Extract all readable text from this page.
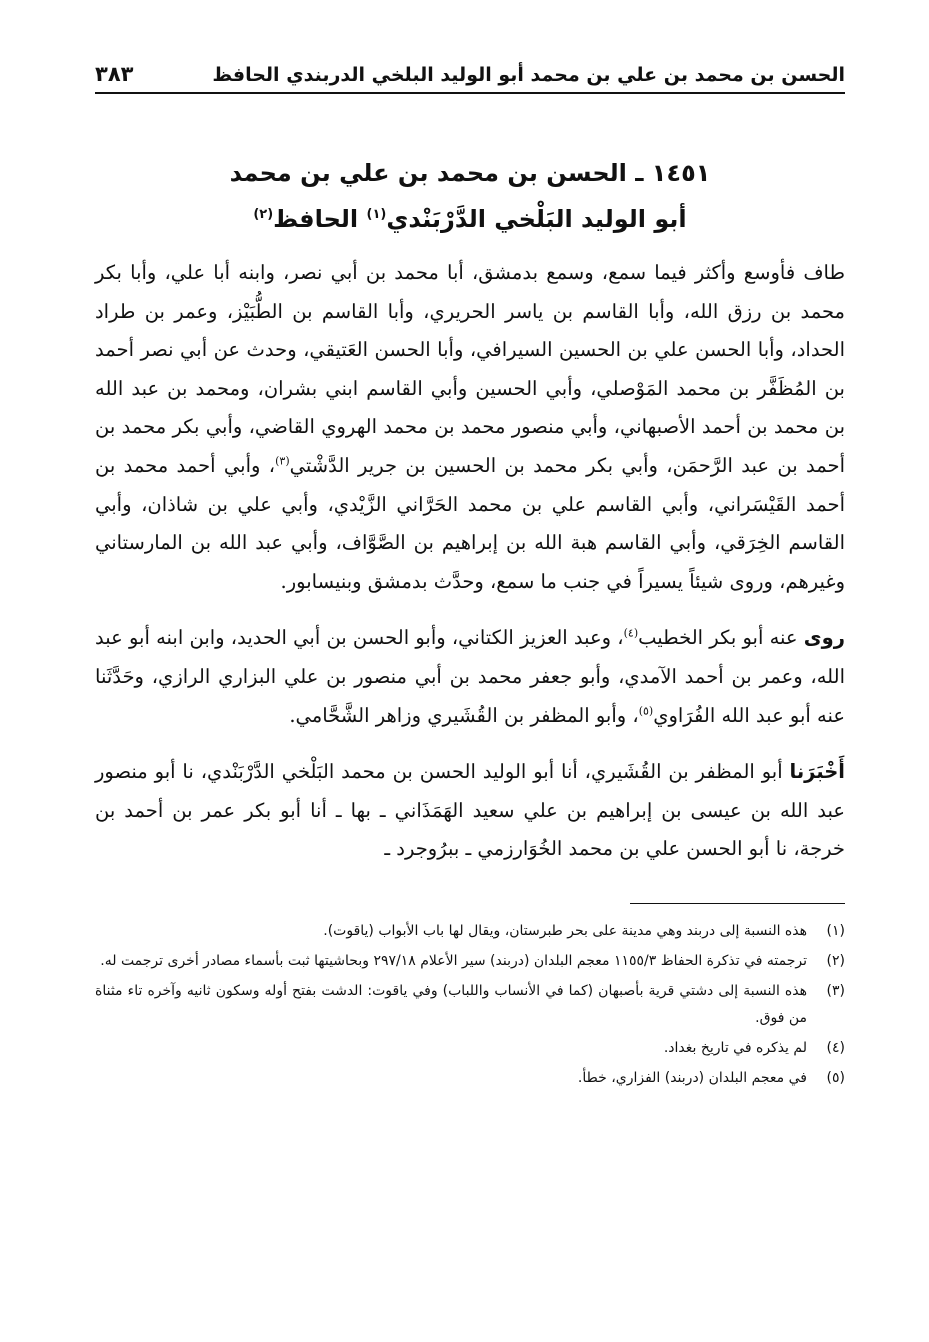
الحسن بن محمد بن علي بن محمد أبو الوليد البلخي الدربندي الحافظ
٣٨٣
١٤٥١ ـ الحسن بن محمد بن علي بن محمد
أبو الوليد البَلْخي الدَّرْبَنْدي$^{(١)}$ الحافظ$^{(٢)}$

طاف فأوسع وأكثر فيما سمع، وسمع بدمشق، أبا محمد بن أبي نصر، وابنه أبا علي، وأبا بكر محمد بن رزق الله، وأبا القاسم بن ياسر الحريري، وأبا القاسم بن الطُّبَيْز، وعمر بن طراد الحداد، وأبا الحسن علي بن الحسين السيرافي، وأبا الحسن العَتيقي، وحدث عن أبي نصر أحمد بن المُظَفَّر بن محمد المَوْصلي، وأبي الحسين وأبي القاسم ابني بشران، ومحمد بن عبد الله بن محمد بن أحمد الأصبهاني، وأبي منصور محمد بن محمد الهروي القاضي، وأبي بكر محمد بن أحمد بن عبد الرَّحمَن، وأبي بكر محمد بن الحسين بن جرير الدَّشْتي$^{(٣)}$، وأبي أحمد محمد بن أحمد القَيْسَراني، وأبي القاسم علي بن محمد الحَرَّاني الزَّيْدي، وأبي علي بن شاذان، وأبي القاسم الخِرَقي، وأبي القاسم هبة الله بن إبراهيم بن الصَّوَّاف، وأبي عبد الله بن المارستاني وغيرهم، وروى شيئاً يسيراً في جنب ما سمع، وحدَّث بدمشق وبنيسابور.

روى عنه أبو بكر الخطيب$^{(٤)}$، وعبد العزيز الكتاني، وأبو الحسن بن أبي الحديد، وابن ابنه أبو عبد الله، وعمر بن أحمد الآمدي، وأبو جعفر محمد بن أبي منصور بن علي البزاري الرازي، وحَدَّثَنا عنه أبو عبد الله الفُرَاوي$^{(٥)}$، وأبو المظفر بن القُشَيري وزاهر الشَّحَّامي.

أَخْبَرَنا أبو المظفر بن القُشَيري، أنا أبو الوليد الحسن بن محمد البَلْخي الدَّرْبَنْدي، نا أبو منصور عبد الله بن عيسى بن إبراهيم بن علي سعيد الهَمَذَاني ـ بها ـ أنا أبو بكر عمر بن أحمد بن خرجة، نا أبو الحسن علي بن محمد الخُوَارزمي ـ ببرُوجرد ـ

(١)
هذه النسبة إلى دربند وهي مدينة على بحر طبرستان، ويقال لها باب الأبواب (ياقوت).
(٢)
ترجمته في تذكرة الحفاظ ١١٥٥/٣ معجم البلدان (دربند) سير الأعلام ٢٩٧/١٨ وبحاشيتها ثبت بأسماء مصادر أخرى ترجمت له.
(٣)
هذه النسبة إلى دشتي قرية بأصبهان (كما في الأنساب واللباب) وفي ياقوت: الدشت بفتح أوله وسكون ثانيه وآخره تاء مثناة من فوق.
(٤)
لم يذكره في تاريخ بغداد.
(٥)
في معجم البلدان (دربند) الفزاري، خطأ.
